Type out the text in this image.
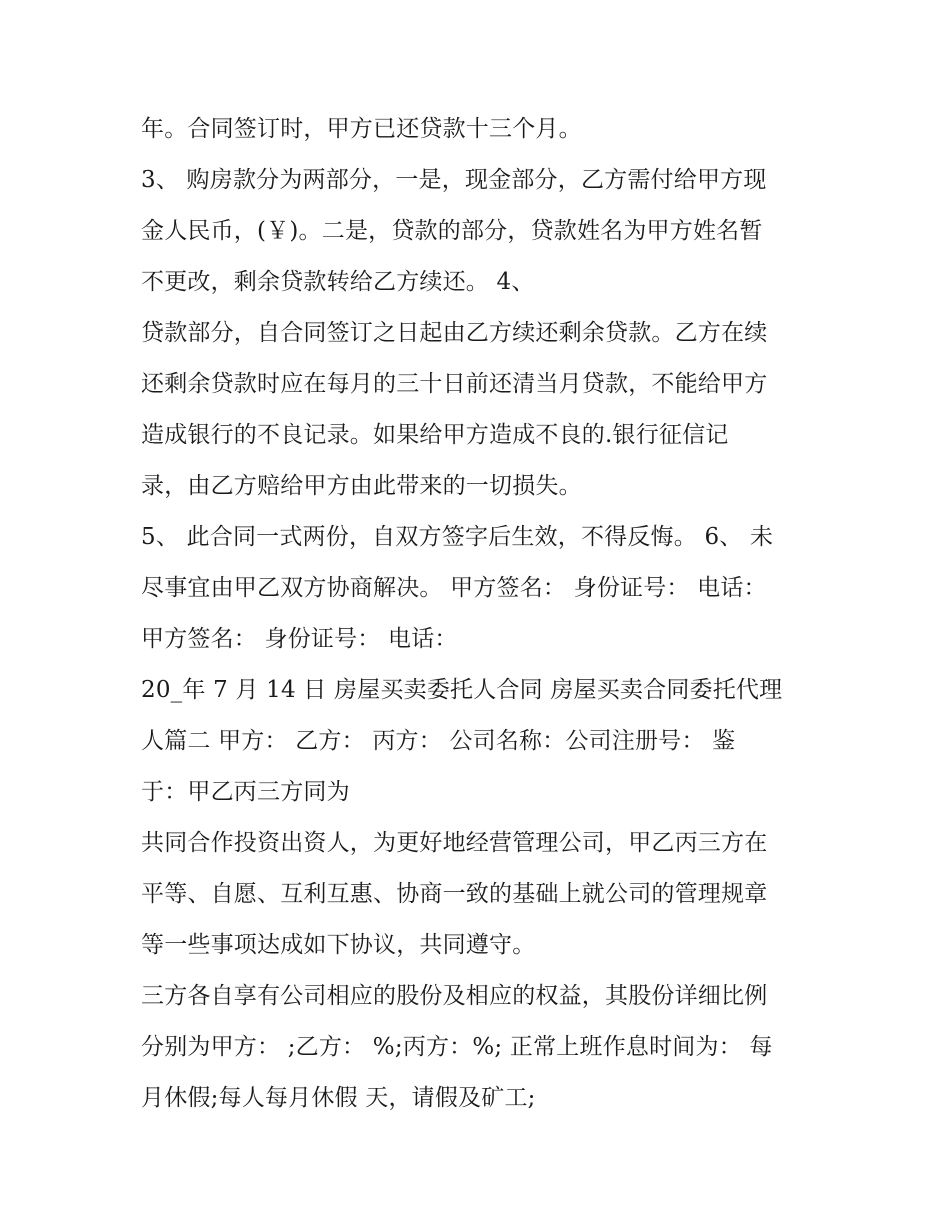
年。合同签订时，甲方已还贷款十三个月。
3、 购房款分为两部分，一是，现金部分，乙方需付给甲方现
金人民币，(￥)。二是，贷款的部分，贷款姓名为甲方姓名暂
不更改，剩余贷款转给乙方续还。 4、
贷款部分，自合同签订之日起由乙方续还剩余贷款。乙方在续
还剩余贷款时应在每月的三十日前还清当月贷款，不能给甲方
造成银行的不良记录。如果给甲方造成不良的.银行征信记
录，由乙方赔给甲方由此带来的一切损失。
5、 此合同一式两份，自双方签字后生效，不得反悔。 6、 未
尽事宜由甲乙双方协商解决。 甲方签名： 身份证号： 电话：
甲方签名： 身份证号： 电话：
20_年 7 月 14 日 房屋买卖委托人合同 房屋买卖合同委托代理
人篇二 甲方： 乙方： 丙方： 公司名称：公司注册号： 鉴
于：甲乙丙三方同为
共同合作投资出资人，为更好地经营管理公司，甲乙丙三方在
平等、自愿、互利互惠、协商一致的基础上就公司的管理规章
等一些事项达成如下协议，共同遵守。
三方各自享有公司相应的股份及相应的权益，其股份详细比例
分别为甲方： ;乙方： %;丙方：%; 正常上班作息时间为： 每
月休假;每人每月休假 天，请假及矿工;
